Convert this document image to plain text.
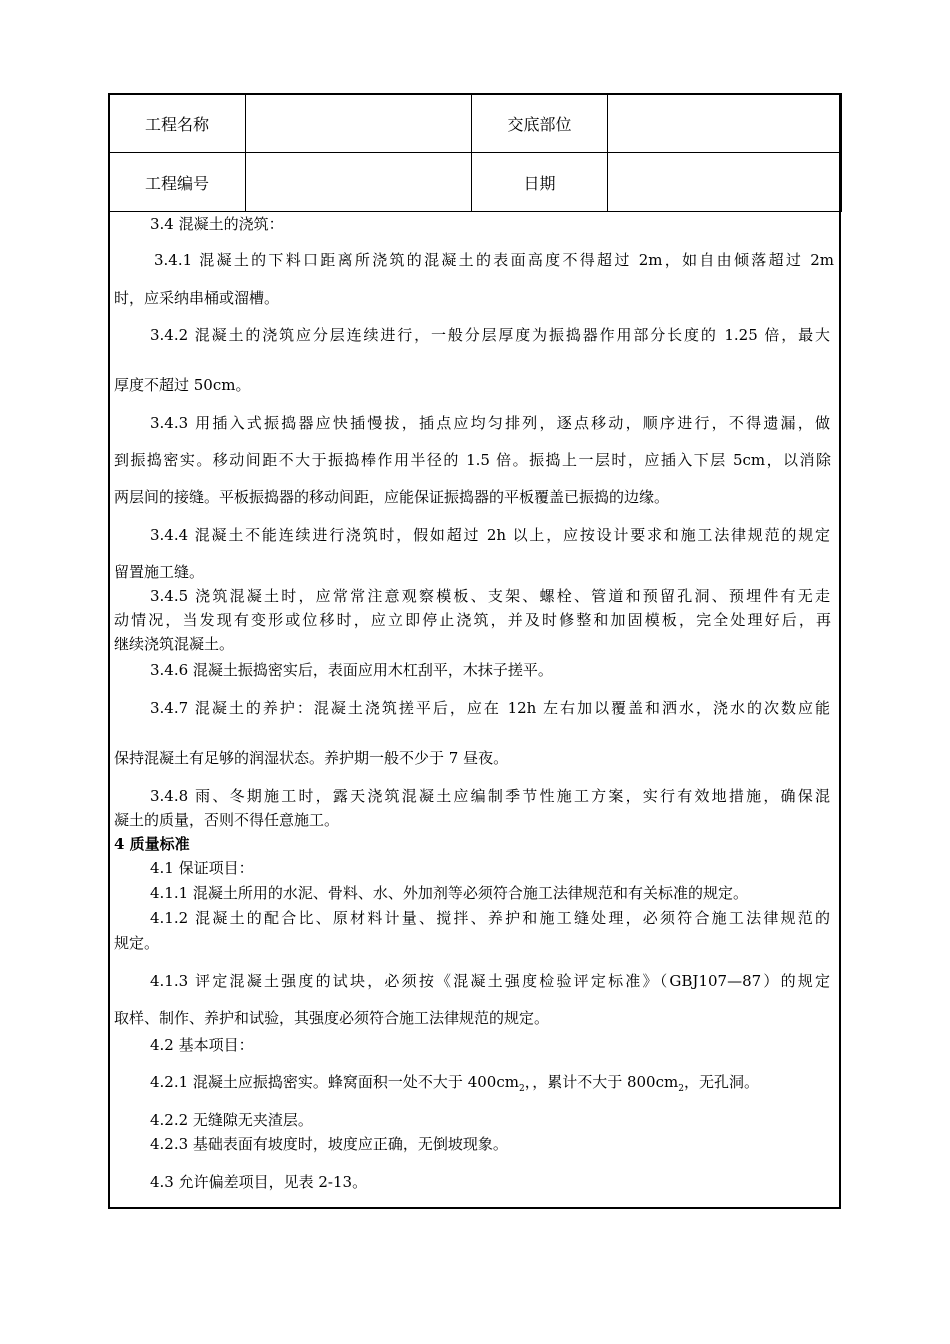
工程名称		交底部位	
工程编号		日期	
3.4 混凝土的浇筑：
3.4.1 混凝土的下料口距离所浇筑的混凝土的表面高度不得超过 2m，如自由倾落超过 2m
时，应采纳串桶或溜槽。
3.4.2 混凝土的浇筑应分层连续进行，一般分层厚度为振捣器作用部分长度的 1.25 倍，最大
厚度不超过 50cm。
3.4.3 用插入式振捣器应快插慢拔，插点应均匀排列，逐点移动，顺序进行，不得遗漏，做
到振捣密实。移动间距不大于振捣棒作用半径的 1.5 倍。振捣上一层时，应插入下层 5cm，以消除
两层间的接缝。平板振捣器的移动间距，应能保证振捣器的平板覆盖已振捣的边缘。
3.4.4 混凝土不能连续进行浇筑时，假如超过 2h 以上，应按设计要求和施工法律规范的规定
留置施工缝。
3.4.5 浇筑混凝土时，应常常注意观察模板、支架、螺栓、管道和预留孔洞、预埋件有无走
动情况，当发现有变形或位移时，应立即停止浇筑，并及时修整和加固模板，完全处理好后，再
继续浇筑混凝土。
3.4.6 混凝土振捣密实后，表面应用木杠刮平，木抹子搓平。
3.4.7 混凝土的养护：混凝土浇筑搓平后，应在 12h 左右加以覆盖和洒水，浇水的次数应能
保持混凝土有足够的润湿状态。养护期一般不少于 7 昼夜。
3.4.8 雨、冬期施工时，露天浇筑混凝土应编制季节性施工方案，实行有效地措施，确保混
凝土的质量，否则不得任意施工。
4 质量标准
4.1 保证项目：
4.1.1 混凝土所用的水泥、骨料、水、外加剂等必须符合施工法律规范和有关标准的规定。
4.1.2 混凝土的配合比、原材料计量、搅拌、养护和施工缝处理，必须符合施工法律规范的
规定。
4.1.3 评定混凝土强度的试块，必须按《混凝土强度检验评定标准》（GBJ107—87）的规定
取样、制作、养护和试验，其强度必须符合施工法律规范的规定。
4.2 基本项目：
4.2.1 混凝土应振捣密实。蜂窝面积一处不大于 $400cm_2$，，累计不大于 $800cm_2$，无孔洞。
4.2.2 无缝隙无夹渣层。
4.2.3 基础表面有坡度时，坡度应正确，无倒坡现象。
4.3 允许偏差项目，见表 2-13。
